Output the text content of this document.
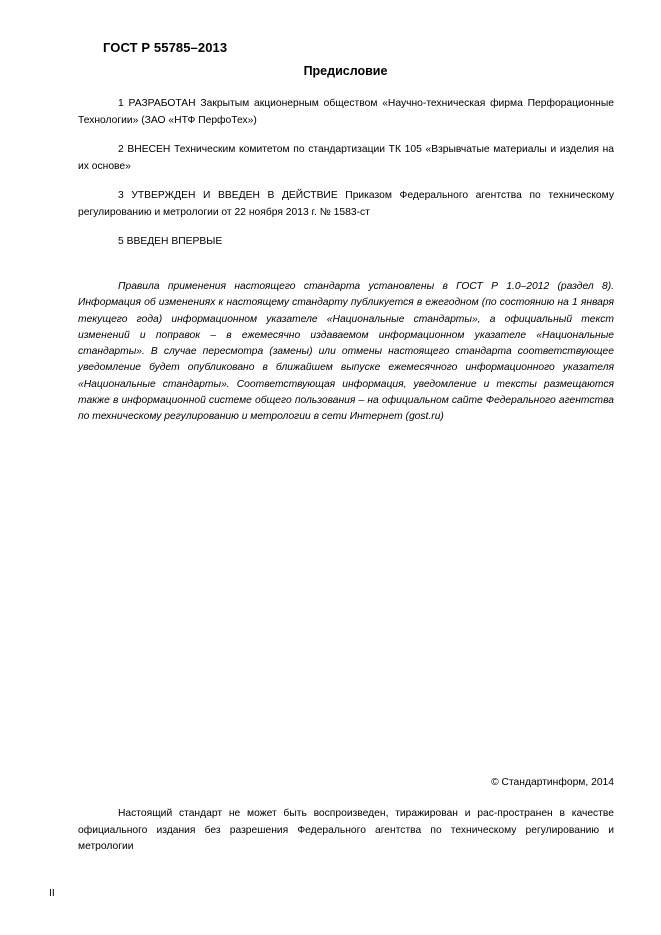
ГОСТ Р 55785–2013
Предисловие

1 РАЗРАБОТАН Закрытым акционерным обществом «Научно-техническая фирма Перфорационные Технологии» (ЗАО «НТФ ПерфоТех»)

2 ВНЕСЕН Техническим комитетом по стандартизации ТК 105 «Взрывчатые материалы и изделия на их основе»

3 УТВЕРЖДЕН И ВВЕДЕН В ДЕЙСТВИЕ Приказом Федерального агентства по техническому регулированию и метрологии от 22 ноября 2013 г. № 1583-ст

5 ВВЕДЕН ВПЕРВЫЕ

Правила применения настоящего стандарта установлены в ГОСТ Р 1.0–2012 (раздел 8). Информация об изменениях к настоящему стандарту публикуется в ежегодном (по состоянию на 1 января текущего года) информационном указателе «Национальные стандарты», а официальный текст изменений и поправок – в ежемесячно издаваемом информационном указателе «Национальные стандарты». В случае пересмотра (замены) или отмены настоящего стандарта соответствующее уведомление будет опубликовано в ближайшем выпуске ежемесячного информационного указателя «Национальные стандарты». Соответствующая информация, уведомление и тексты размещаются также в информационной системе общего пользования – на официальном сайте Федерального агентства по техническому регулированию и метрологии в сети Интернет (gost.ru)

© Стандартинформ, 2014

Настоящий стандарт не может быть воспроизведен, тиражирован и рас-пространен в качестве официального издания без разрешения Федерального агентства по техническому регулированию и метрологии

II
